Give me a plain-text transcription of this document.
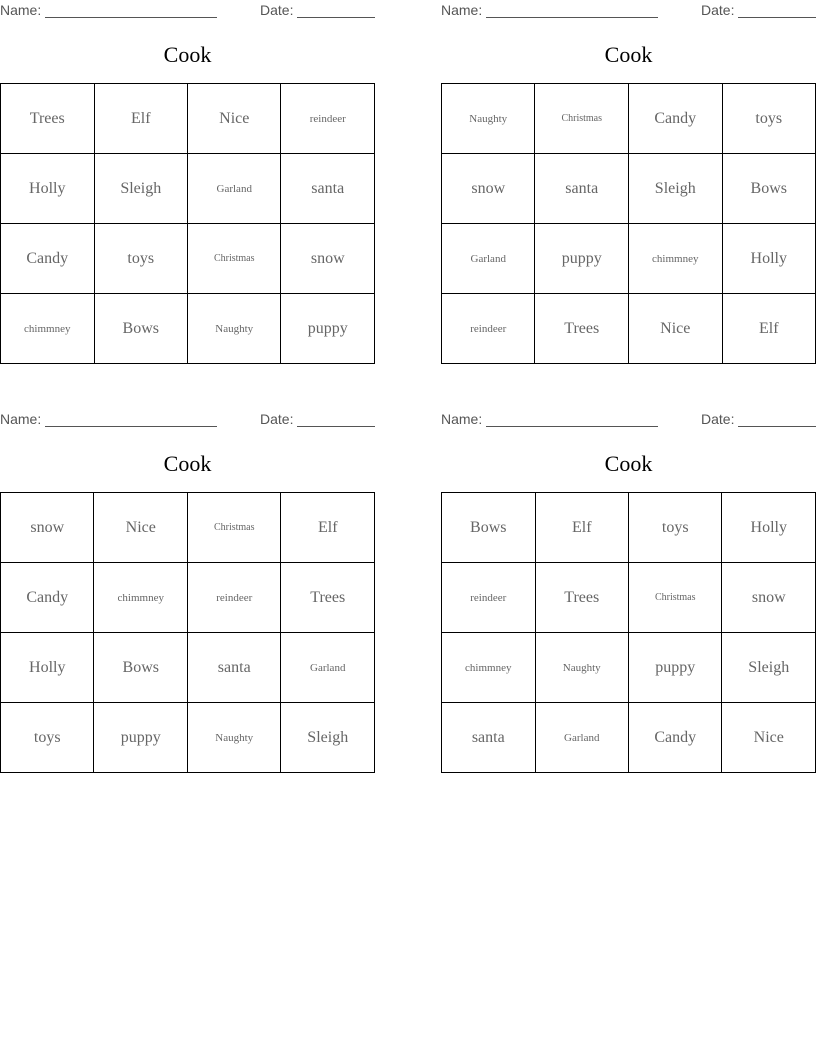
Name:	Date:
Cook
Trees	Elf	Nice	reindeer
Holly	Sleigh	Garland	santa
Candy	toys	Christmas	snow
chimmney	Bows	Naughty	puppy
Name:	Date:
Cook
Naughty	Christmas	Candy	toys
snow	santa	Sleigh	Bows
Garland	puppy	chimmney	Holly
reindeer	Trees	Nice	Elf
Name:	Date:
Cook
snow	Nice	Christmas	Elf
Candy	chimmney	reindeer	Trees
Holly	Bows	santa	Garland
toys	puppy	Naughty	Sleigh
Name:	Date:
Cook
Bows	Elf	toys	Holly
reindeer	Trees	Christmas	snow
chimmney	Naughty	puppy	Sleigh
santa	Garland	Candy	Nice
